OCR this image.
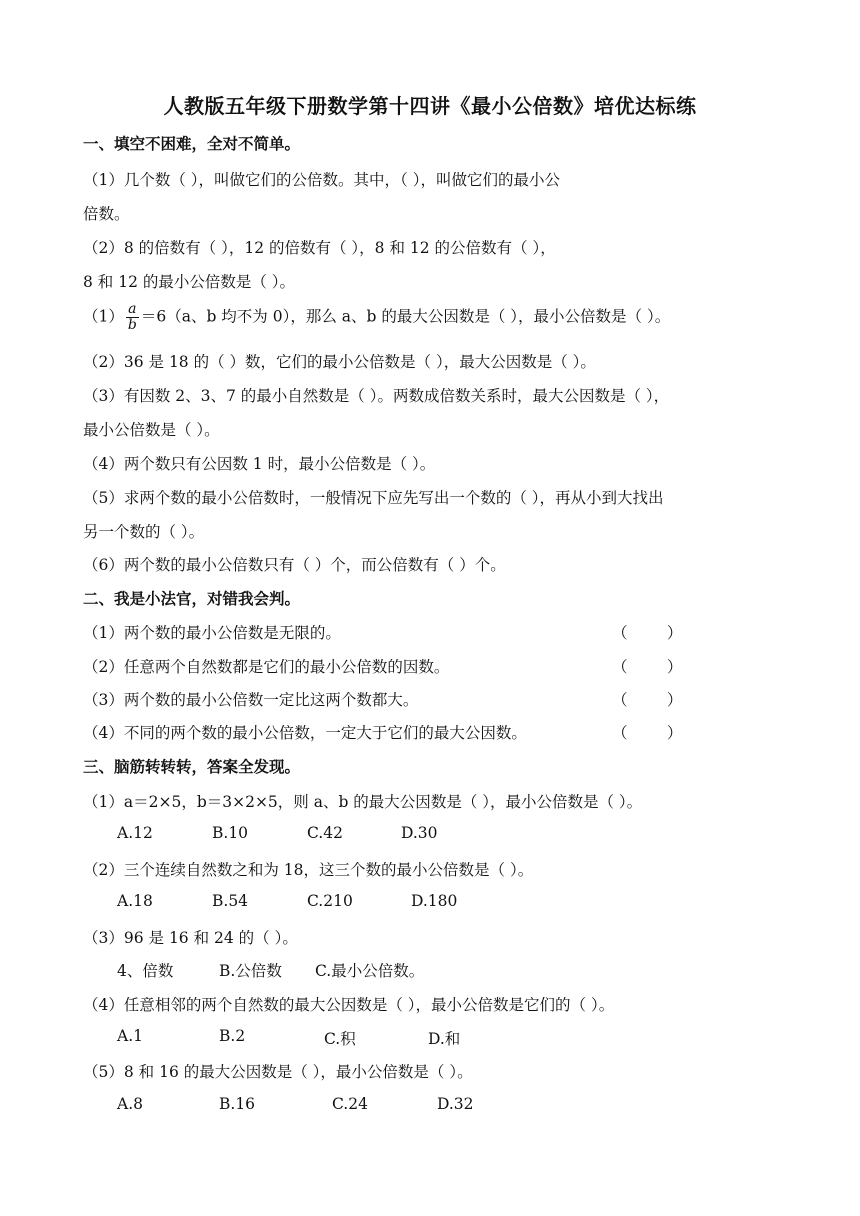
人教版五年级下册数学第十四讲《最小公倍数》培优达标练
一、填空不困难，全对不简单。
（1）几个数（ ），叫做它们的公倍数。其中，（ ），叫做它们的最小公
倍数。
（2）8 的倍数有（ ），12 的倍数有（ ），8 和 12 的公倍数有（ ），
8 和 12 的最小公倍数是（ ）。
$(1) \frac{a}{b} =6(a$、b 均不为 0），那么 a、b 的最大公因数是（ ），最小公倍数是（ ）。
（2）36 是 18 的（ ）数，它们的最小公倍数是（ ），最大公因数是（ ）。
（3）有因数 2、3、7 的最小自然数是（ ）。两数成倍数关系时，最大公因数是（ ），
最小公倍数是（ ）。
（4）两个数只有公因数 1 时，最小公倍数是（ ）。
（5）求两个数的最小公倍数时，一般情况下应先写出一个数的（ ），再从小到大找出
另一个数的（ ）。
（6）两个数的最小公倍数只有（ ）个，而公倍数有（ ）个。
二、我是小法官，对错我会判。
（1）两个数的最小公倍数是无限的。	（        ）
（2）任意两个自然数都是它们的最小公倍数的因数。	（        ）
（3）两个数的最小公倍数一定比这两个数都大。	（        ）
（4）不同的两个数的最小公倍数，一定大于它们的最大公因数。	（        ）
三、脑筋转转转，答案全发现。
（1）a＝2×5，b＝3×2×5，则 a、b 的最大公因数是（ ），最小公倍数是（ ）。
A.12	B.10	C.42	D.30
（2）三个连续自然数之和为 18，这三个数的最小公倍数是（ ）。
A.18	B.54	C.210	D.180
（3）96 是 16 和 24 的（ ）。
4、倍数	B.公倍数 C.最小公倍数。
（4）任意相邻的两个自然数的最大公因数是（ ），最小公倍数是它们的（ ）。
A.1	B.2	C.积	D.和
（5）8 和 16 的最大公因数是（ ），最小公倍数是（ ）。
A.8	B.16	C.24	D.32
